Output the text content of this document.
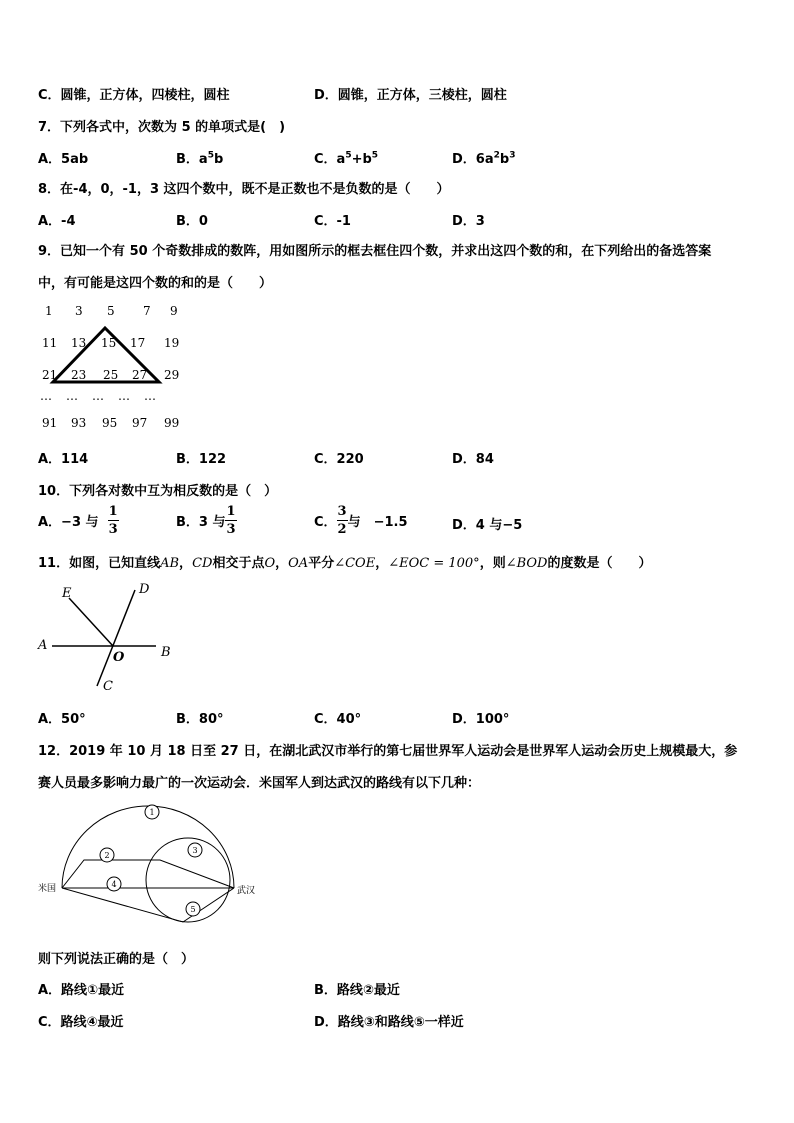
C．圆锥，正方体，四棱柱，圆柱	D．圆锥，正方体，三棱柱，圆柱
7．下列各式中，次数为 5 的单项式是(　)
A．5ab	B．$a^5b$	C．$a^5+b^5$	D．$6a^2b^3$
8．在-4，0，-1，3 这四个数中，既不是正数也不是负数的是（　　）
A．-4	B．0	C．-1	D．3
9．已知一个有 50 个奇数排成的数阵，用如图所示的框去框住四个数，并求出这四个数的和，在下列给出的备选答案
中，有可能是这四个数的和的是（　　）
1 3 5 7 9
11 13 15 17 19
21 23 25 27 29
…　…　…　…　…
91 93 95 97 99
A．114	B．122	C．220	D．84
10．下列各对数中互为相反数的是（　）
A．−3 与 $\frac{1}{3}$	B．3 与 $\frac{1}{3}$	C． $\frac{3}{2}$ 与　−1.5	D．4 与−5
11．如图，已知直线AB，CD相交于点O，OA平分∠COE，∠EOC = 100°，则∠BOD的度数是（　　）
E	D
A
O	B
C
A．50°	B．80°	C．40°	D．100°
12．2019 年 10 月 18 日至 27 日，在湖北武汉市举行的第七届世界军人运动会是世界军人运动会历史上规模最大，参
赛人员最多影响力最广的一次运动会．米国军人到达武汉的路线有以下几种：
1
2
3
4
5
米国	武汉
则下列说法正确的是（　）
A．路线①最近	B．路线②最近
C．路线④最近	D．路线③和路线⑤一样近
